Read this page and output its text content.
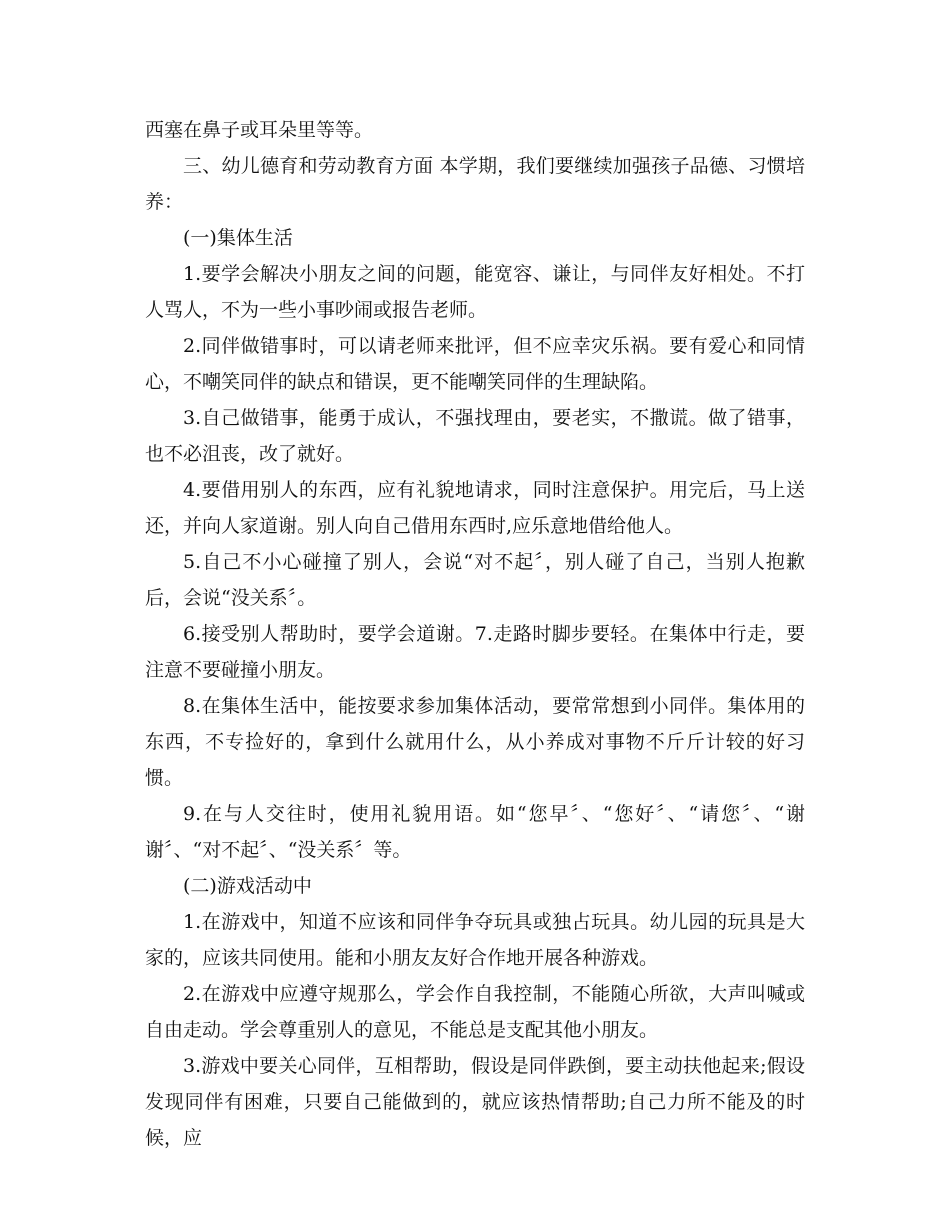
西塞在鼻子或耳朵里等等。

三、幼儿德育和劳动教育方面 本学期，我们要继续加强孩子品德、习惯培养：

(一)集体生活

1.要学会解决小朋友之间的问题，能宽容、谦让，与同伴友好相处。不打人骂人，不为一些小事吵闹或报告老师。

2.同伴做错事时，可以请老师来批评，但不应幸灾乐祸。要有爱心和同情心，不嘲笑同伴的缺点和错误，更不能嘲笑同伴的生理缺陷。

3.自己做错事，能勇于成认，不强找理由，要老实，不撒谎。做了错事，也不必沮丧，改了就好。

4.要借用别人的东西，应有礼貌地请求，同时注意保护。用完后，马上送还，并向人家道谢。别人向自己借用东西时,应乐意地借给他人。

5.自己不小心碰撞了别人，会说“对不起〞，别人碰了自己，当别人抱歉后，会说“没关系〞。

6.接受别人帮助时，要学会道谢。7.走路时脚步要轻。在集体中行走，要注意不要碰撞小朋友。

8.在集体生活中，能按要求参加集体活动，要常常想到小同伴。集体用的东西，不专捡好的，拿到什么就用什么，从小养成对事物不斤斤计较的好习惯。

9.在与人交往时，使用礼貌用语。如“您早〞、“您好〞、“请您〞、“谢谢〞、“对不起〞、“没关系〞等。

(二)游戏活动中

1.在游戏中，知道不应该和同伴争夺玩具或独占玩具。幼儿园的玩具是大家的，应该共同使用。能和小朋友友好合作地开展各种游戏。

2.在游戏中应遵守规那么，学会作自我控制，不能随心所欲，大声叫喊或自由走动。学会尊重别人的意见，不能总是支配其他小朋友。

3.游戏中要关心同伴，互相帮助，假设是同伴跌倒，要主动扶他起来;假设发现同伴有困难，只要自己能做到的，就应该热情帮助;自己力所不能及的时候，应
